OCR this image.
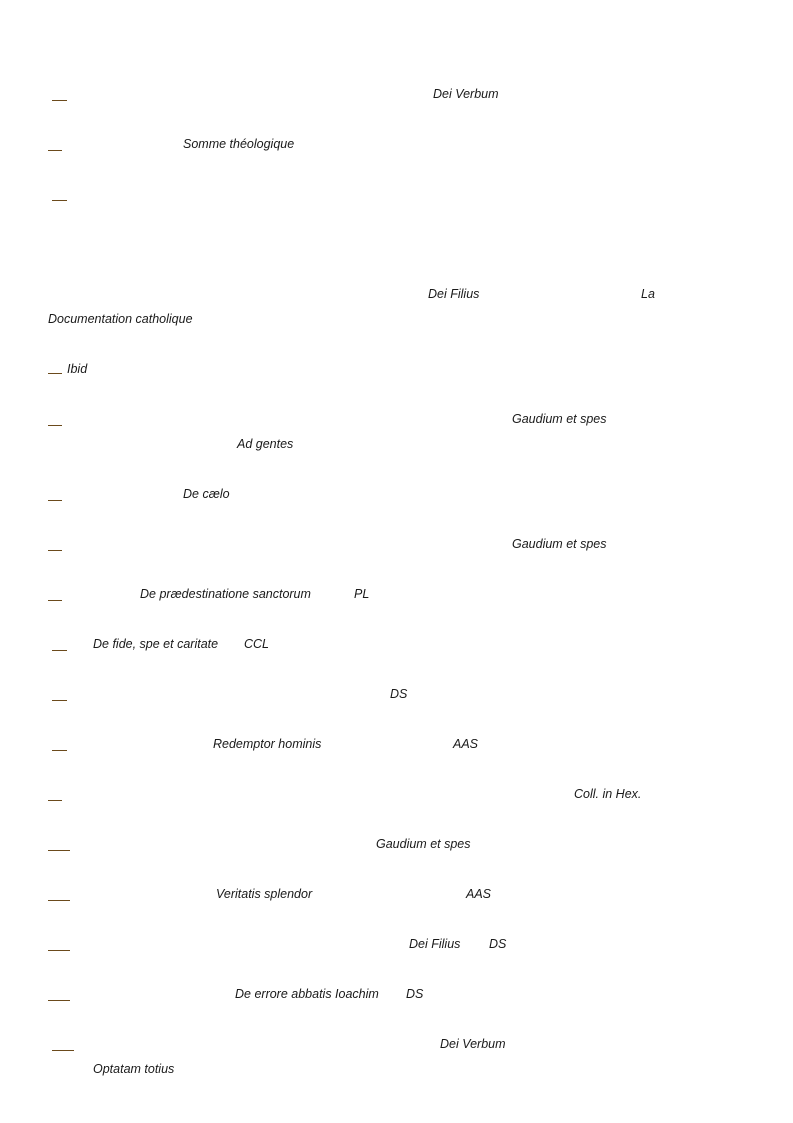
Dei Verbum
Somme théologique
Dei Filius	La
Documentation catholique
Ibid
Gaudium et spes
Ad gentes
De cælo
Gaudium et spes
De prædestinatione sanctorum	PL
De fide, spe et caritate CCL
DS
Redemptor hominis	AAS
Coll. in Hex.
Gaudium et spes
Veritatis splendor	AAS
Dei Filius DS
De errore abbatis Ioachim DS
Dei Verbum
Optatam totius
